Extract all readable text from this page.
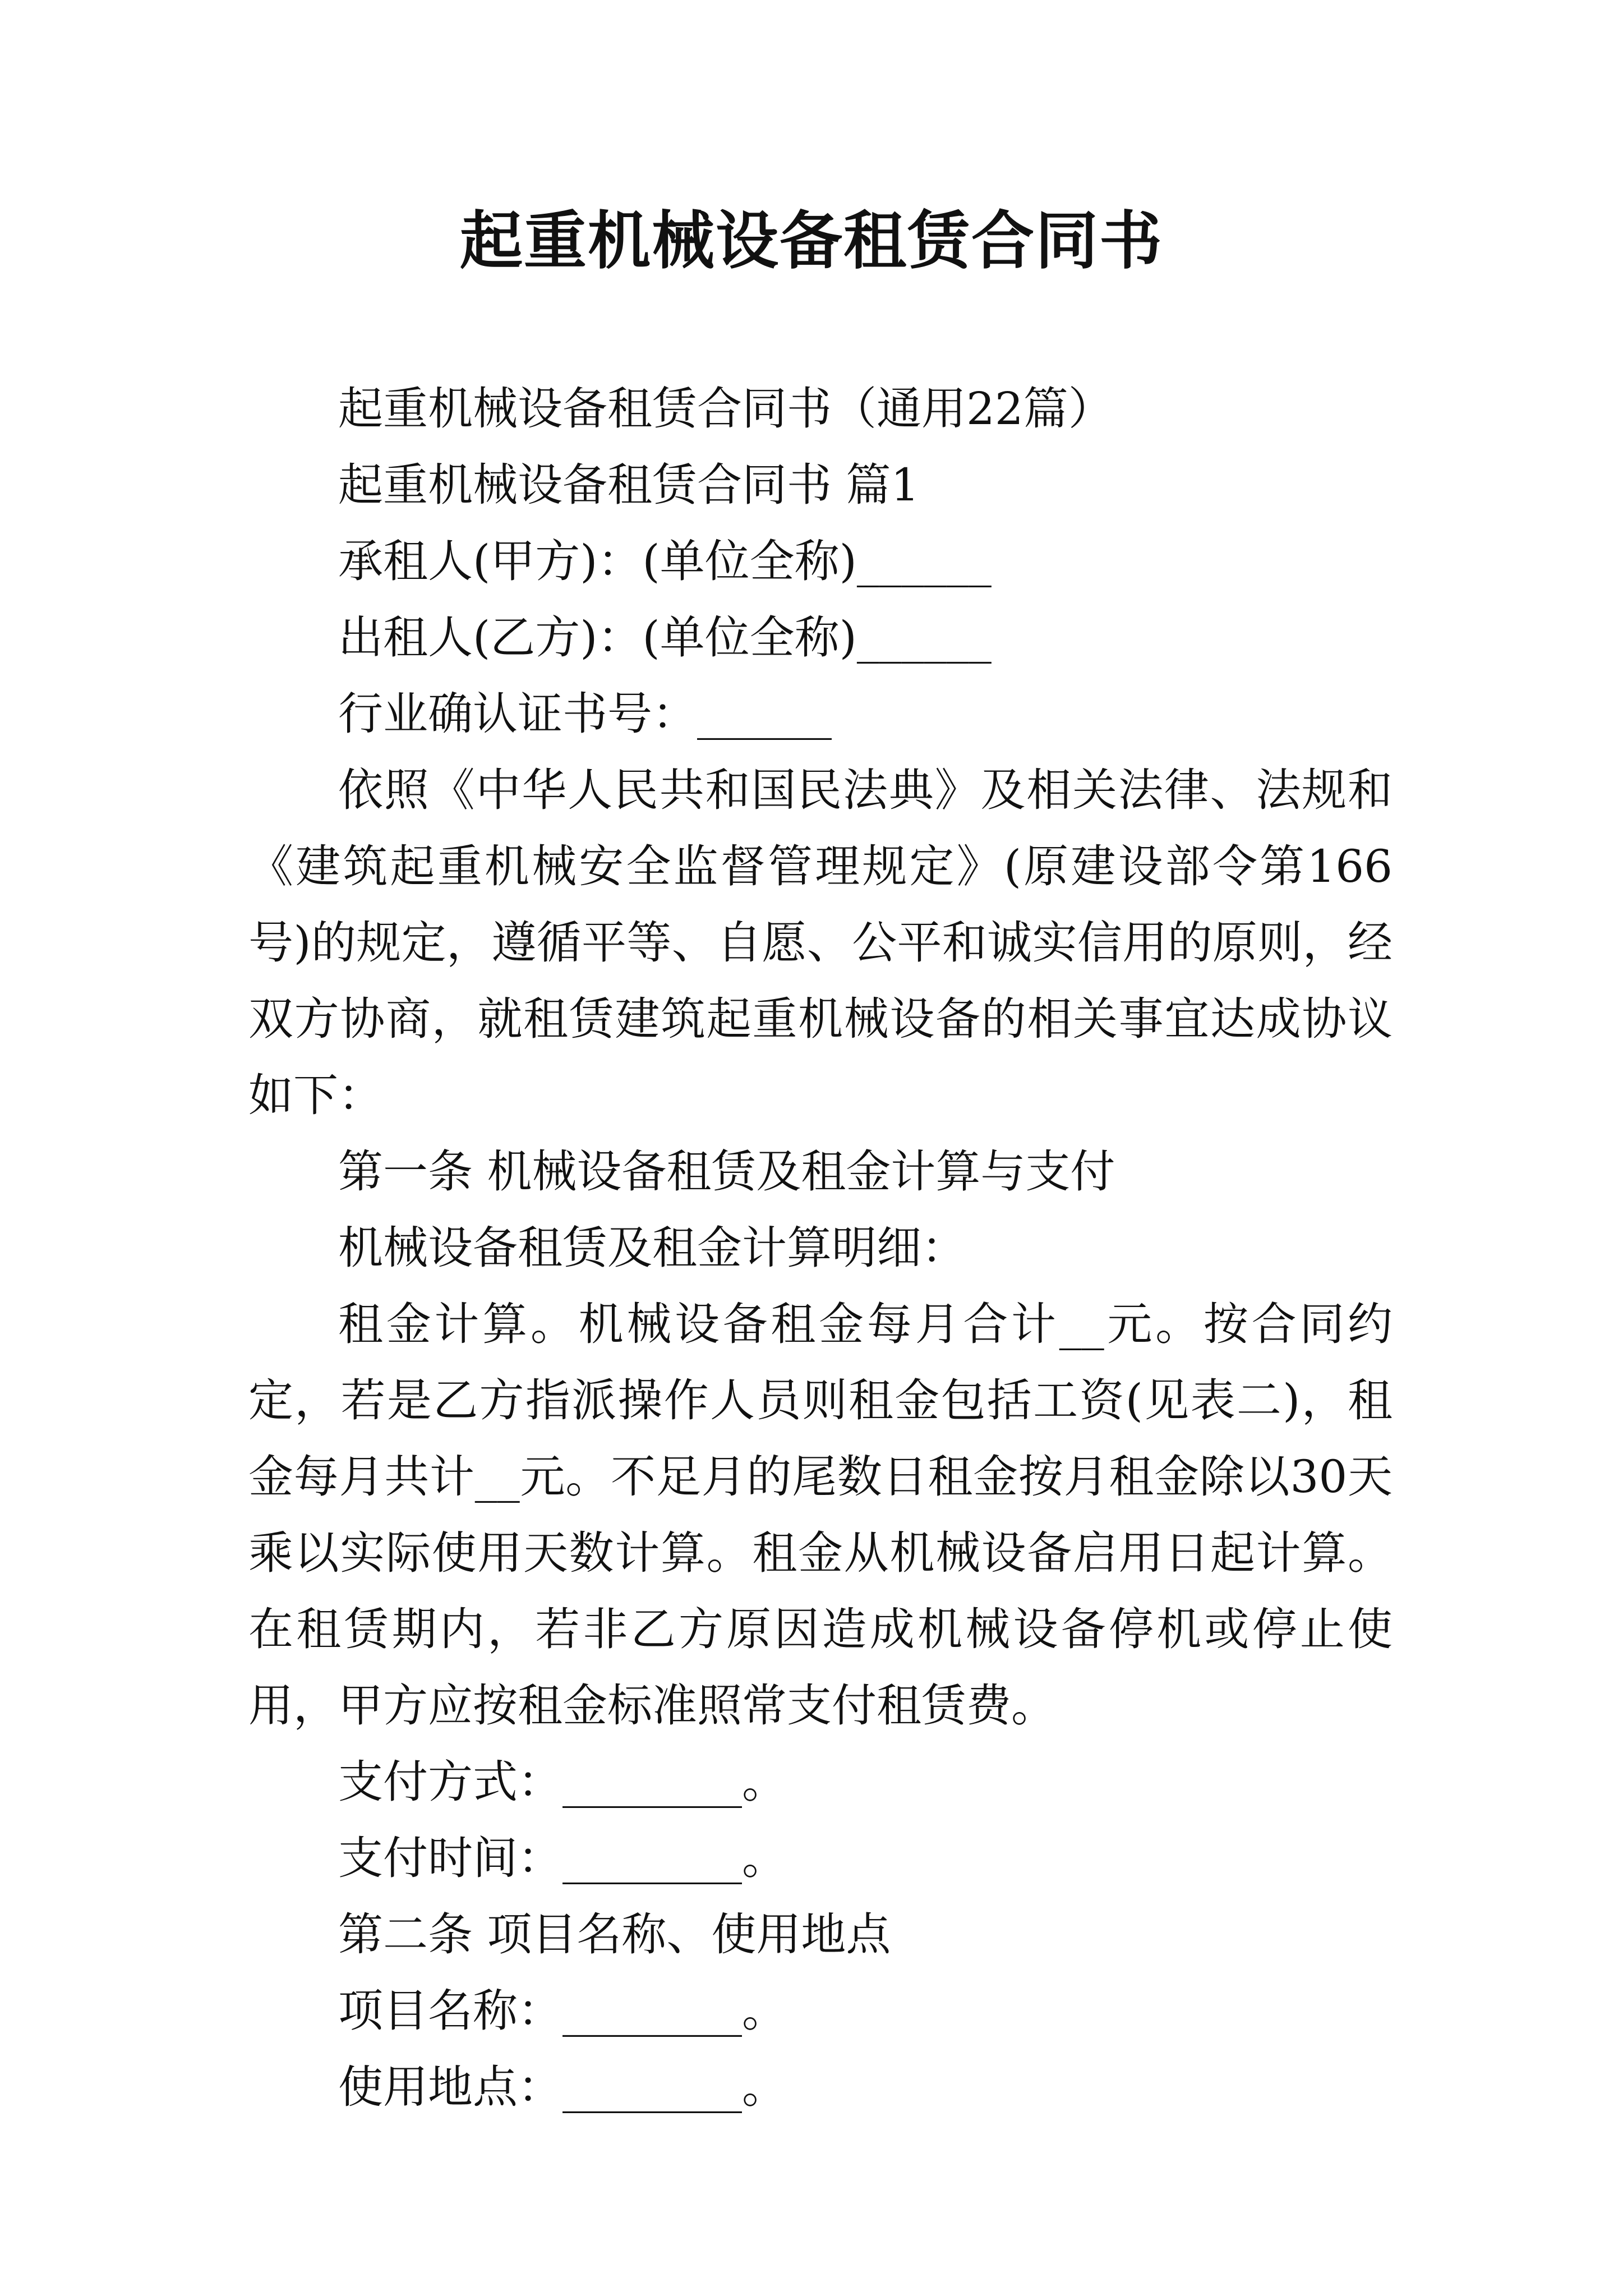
起重机械设备租赁合同书

起重机械设备租赁合同书（通用22篇）

起重机械设备租赁合同书 篇1

承租人(甲方)：(单位全称)______

出租人(乙方)：(单位全称)______

行业确认证书号：______

依照《中华人民共和国民法典》及相关法律、法规和《建筑起重机械安全监督管理规定》(原建设部令第166号)的规定，遵循平等、自愿、公平和诚实信用的原则，经双方协商，就租赁建筑起重机械设备的相关事宜达成协议如下：

第一条 机械设备租赁及租金计算与支付

机械设备租赁及租金计算明细：

租金计算。机械设备租金每月合计__元。按合同约定，若是乙方指派操作人员则租金包括工资(见表二)，租金每月共计__元。不足月的尾数日租金按月租金除以30天乘以实际使用天数计算。租金从机械设备启用日起计算。在租赁期内，若非乙方原因造成机械设备停机或停止使用，甲方应按租金标准照常支付租赁费。

支付方式：________。

支付时间：________。

第二条 项目名称、使用地点

项目名称：________。

使用地点：________。
